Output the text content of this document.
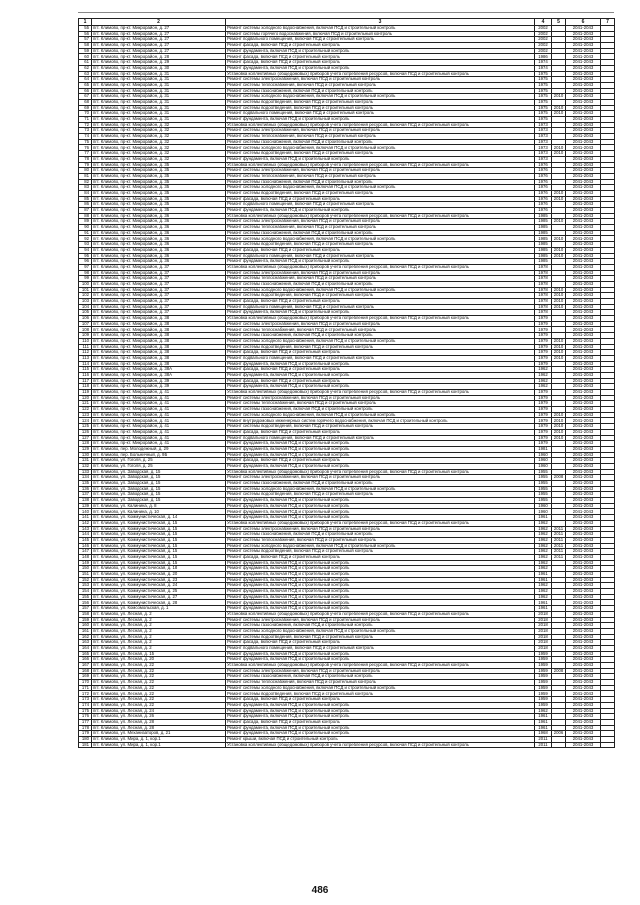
1	2	3	4	5	6	7
55	пгт. Климово, пр-кт. Микрорайон, д. 27	Ремонт системы холодного водоснабжения, включая ПСД и строительный контроль	2002		2041-2043	
56	пгт. Климово, пр-кт. Микрорайон, д. 27	Ремонт системы горячего водоснабжения, включая ПСД и строительный контроль	2002		2041-2043	
57	пгт. Климово, пр-кт. Микрорайон, д. 27	Ремонт подвального помещения, включая ПСД и строительный контроль	2002		2041-2043	
58	пгт. Климово, пр-кт. Микрорайон, д. 27	Ремонт фасада, включая ПСД и строительный контроль	2002		2041-2043	
59	пгт. Климово, пр-кт. Микрорайон, д. 27	Ремонт фундамента, включая ПСД и строительный контроль	2002		2041-2043	
60	пгт. Климово, пр-кт. Микрорайон, д. 28	Ремонт фасада, включая ПСД и строительный контроль	1986		2041-2043	
61	пгт. Климово, пр-кт. Микрорайон, д. 29	Ремонт фасада, включая ПСД и строительный контроль	1974		2041-2043	
62	пгт. Климово, пр-кт. Микрорайон, д. 30	Ремонт фундамента, включая ПСД и строительный контроль	1974		2041-2043	
63	пгт. Климово, пр-кт. Микрорайон, д. 31	Установка коллективных (общедомовых) приборов учета потребления ресурсов, включая ПСД и строительный контроль	1975		2041-2043	
64	пгт. Климово, пр-кт. Микрорайон, д. 31	Ремонт системы электроснабжения, включая ПСД и строительный контроль	1975		2041-2043	
65	пгт. Климово, пр-кт. Микрорайон, д. 31	Ремонт системы теплоснабжения, включая ПСД и строительный контроль	1975		2041-2043	
66	пгт. Климово, пр-кт. Микрорайон, д. 31	Ремонт системы газоснабжения, включая ПСД и строительный контроль	1975		2041-2043	
67	пгт. Климово, пр-кт. Микрорайон, д. 31	Ремонт системы холодного водоснабжения, включая ПСД и строительный контроль	1975	2010	2041-2043	
68	пгт. Климово, пр-кт. Микрорайон, д. 31	Ремонт системы водоотведения, включая ПСД и строительный контроль	1975		2041-2043	
69	пгт. Климово, пр-кт. Микрорайон, д. 31	Ремонт системы водоотведения, включая ПСД и строительный контроль	1975	2010	2041-2043	
70	пгт. Климово, пр-кт. Микрорайон, д. 31	Ремонт подвального помещения, включая ПСД и строительный контроль	1975	2010	2041-2043	
71	пгт. Климово, пр-кт. Микрорайон, д. 31	Ремонт фундамента, включая ПСД и строительный контроль	1975		2041-2043	
72	пгт. Климово, пр-кт. Микрорайон, д. 32	Установка коллективных (общедомовых) приборов учета потребления ресурсов, включая ПСД и строительный контроль	1973		2041-2043	
73	пгт. Климово, пр-кт. Микрорайон, д. 32	Ремонт системы электроснабжения, включая ПСД и строительный контроль	1973		2041-2043	
74	пгт. Климово, пр-кт. Микрорайон, д. 32	Ремонт системы теплоснабжения, включая ПСД и строительный контроль	1973		2041-2043	
75	пгт. Климово, пр-кт. Микрорайон, д. 32	Ремонт системы газоснабжения, включая ПСД и строительный контроль	1973		2041-2043	
76	пгт. Климово, пр-кт. Микрорайон, д. 32	Ремонт системы холодного водоснабжения, включая ПСД и строительный контроль	1973	2010	2041-2043	
77	пгт. Климово, пр-кт. Микрорайон, д. 32	Ремонт системы водоотведения, включая ПСД и строительный контроль	1973	2010	2041-2043	
78	пгт. Климово, пр-кт. Микрорайон, д. 32	Ремонт фундамента, включая ПСД и строительный контроль	1973		2041-2043	
79	пгт. Климово, пр-кт. Микрорайон, д. 35	Установка коллективных (общедомовых) приборов учета потребления ресурсов, включая ПСД и строительный контроль	1976		2041-2043	
80	пгт. Климово, пр-кт. Микрорайон, д. 35	Ремонт системы электроснабжения, включая ПСД и строительный контроль	1976		2041-2043	
81	пгт. Климово, пр-кт. Микрорайон, д. 35	Ремонт системы теплоснабжения, включая ПСД и строительный контроль	1976		2041-2043	
82	пгт. Климово, пр-кт. Микрорайон, д. 35	Ремонт системы газоснабжения, включая ПСД и строительный контроль	1976		2041-2043	
83	пгт. Климово, пр-кт. Микрорайон, д. 35	Ремонт системы холодного водоснабжения, включая ПСД и строительный контроль	1976		2041-2043	
84	пгт. Климово, пр-кт. Микрорайон, д. 35	Ремонт системы водоотведения, включая ПСД и строительный контроль	1976	2010	2041-2043	
85	пгт. Климово, пр-кт. Микрорайон, д. 35	Ремонт фасада, включая ПСД и строительный контроль	1976	2010	2041-2043	
86	пгт. Климово, пр-кт. Микрорайон, д. 35	Ремонт подвального помещения, включая ПСД и строительный контроль	1976		2041-2043	
87	пгт. Климово, пр-кт. Микрорайон, д. 35	Ремонт фундамента, включая ПСД и строительный контроль	1976		2041-2043	
88	пгт. Климово, пр-кт. Микрорайон, д. 36	Установка коллективных (общедомовых) приборов учета потребления ресурсов, включая ПСД и строительный контроль	1985		2041-2043	
89	пгт. Климово, пр-кт. Микрорайон, д. 36	Ремонт системы электроснабжения, включая ПСД и строительный контроль	1985	2010	2041-2043	
90	пгт. Климово, пр-кт. Микрорайон, д. 36	Ремонт системы теплоснабжения, включая ПСД и строительный контроль	1985		2041-2043	
91	пгт. Климово, пр-кт. Микрорайон, д. 36	Ремонт системы газоснабжения, включая ПСД и строительный контроль	1985		2041-2043	
92	пгт. Климово, пр-кт. Микрорайон, д. 36	Ремонт системы холодного водоснабжения, включая ПСД и строительный контроль	1985	2010	2041-2043	
93	пгт. Климово, пр-кт. Микрорайон, д. 36	Ремонт системы водоотведения, включая ПСД и строительный контроль	1985		2041-2043	
94	пгт. Климово, пр-кт. Микрорайон, д. 36	Ремонт фасада, включая ПСД и строительный контроль	1985	2010	2041-2043	
95	пгт. Климово, пр-кт. Микрорайон, д. 36	Ремонт подвального помещения, включая ПСД и строительный контроль	1985	2010	2041-2043	
96	пгт. Климово, пр-кт. Микрорайон, д. 36	Ремонт фундамента, включая ПСД и строительный контроль	1985		2041-2043	
97	пгт. Климово, пр-кт. Микрорайон, д. 37	Установка коллективных (общедомовых) приборов учета потребления ресурсов, включая ПСД и строительный контроль	1978		2041-2043	
98	пгт. Климово, пр-кт. Микрорайон, д. 37	Ремонт системы электроснабжения, включая ПСД и строительный контроль	1978		2041-2043	
99	пгт. Климово, пр-кт. Микрорайон, д. 37	Ремонт системы теплоснабжения, включая ПСД и строительный контроль	1978		2041-2043	
100	пгт. Климово, пр-кт. Микрорайон, д. 37	Ремонт системы газоснабжения, включая ПСД и строительный контроль	1978		2041-2043	
101	пгт. Климово, пр-кт. Микрорайон, д. 37	Ремонт системы холодного водоснабжения, включая ПСД и строительный контроль	1978	2010	2041-2043	
102	пгт. Климово, пр-кт. Микрорайон, д. 37	Ремонт системы водоотведения, включая ПСД и строительный контроль	1978	2010	2041-2043	
103	пгт. Климово, пр-кт. Микрорайон, д. 37	Ремонт фасада, включая ПСД и строительный контроль	1978	2010	2041-2043	
104	пгт. Климово, пр-кт. Микрорайон, д. 37	Ремонт подвального помещения, включая ПСД и строительный контроль	1978	2010	2041-2043	
105	пгт. Климово, пр-кт. Микрорайон, д. 37	Ремонт фундамента, включая ПСД и строительный контроль	1978		2041-2043	
106	пгт. Климово, пр-кт. Микрорайон, д. 38	Установка коллективных (общедомовых) приборов учета потребления ресурсов, включая ПСД и строительный контроль	1979		2041-2043	
107	пгт. Климово, пр-кт. Микрорайон, д. 38	Ремонт системы электроснабжения, включая ПСД и строительный контроль	1979		2041-2043	
108	пгт. Климово, пр-кт. Микрорайон, д. 38	Ремонт системы теплоснабжения, включая ПСД и строительный контроль	1979		2041-2043	
109	пгт. Климово, пр-кт. Микрорайон, д. 38	Ремонт системы газоснабжения, включая ПСД и строительный контроль	1979		2041-2043	
110	пгт. Климово, пр-кт. Микрорайон, д. 38	Ремонт системы холодного водоснабжения, включая ПСД и строительный контроль	1979	2010	2041-2043	
111	пгт. Климово, пр-кт. Микрорайон, д. 38	Ремонт системы водоотведения, включая ПСД и строительный контроль	1979	2010	2041-2043	
112	пгт. Климово, пр-кт. Микрорайон, д. 38	Ремонт фасада, включая ПСД и строительный контроль	1979	2010	2041-2043	
113	пгт. Климово, пр-кт. Микрорайон, д. 38	Ремонт подвального помещения, включая ПСД и строительный контроль	1979	2010	2041-2043	
114	пгт. Климово, пр-кт. Микрорайон, д. 38	Ремонт фундамента, включая ПСД и строительный контроль	1979		2041-2043	
115	пгт. Климово, пр-кт. Микрорайон, д. 38А	Ремонт фасада, включая ПСД и строительный контроль	1962		2041-2043	
116	пгт. Климово, пр-кт. Микрорайон, д. 38А	Ремонт фундамента, включая ПСД и строительный контроль	1962		2041-2043	
117	пгт. Климово, пр-кт. Микрорайон, д. 39	Ремонт фасада, включая ПСД и строительный контроль	1962		2041-2043	
118	пгт. Климово, пр-кт. Микрорайон, д. 39	Ремонт фундамента, включая ПСД и строительный контроль	1962		2041-2043	
119	пгт. Климово, пр-кт. Микрорайон, д. 41	Установка коллективных (общедомовых) приборов учета потребления ресурсов, включая ПСД и строительный контроль	1979		2041-2043	
120	пгт. Климово, пр-кт. Микрорайон, д. 41	Ремонт системы электроснабжения, включая ПСД и строительный контроль	1979		2041-2043	
121	пгт. Климово, пр-кт. Микрорайон, д. 41	Ремонт системы теплоснабжения, включая ПСД и строительный контроль	1979		2041-2043	
122	пгт. Климово, пр-кт. Микрорайон, д. 41	Ремонт системы газоснабжения, включая ПСД и строительный контроль	1979		2041-2043	
123	пгт. Климово, пр-кт. Микрорайон, д. 41	Ремонт системы холодного водоснабжения, включая ПСД и строительный контроль	1979	2010	2041-2043	
124	пгт. Климово, пр-кт. Микрорайон, д. 41	Ремонт внутридомовых инженерных систем горячего водоснабжения, включая ПСД и строительный контроль	1979	2010	2041-2043	
125	пгт. Климово, пр-кт. Микрорайон, д. 41	Ремонт системы водоотведения, включая ПСД и строительный контроль	1979	2010	2041-2043	
126	пгт. Климово, пр-кт. Микрорайон, д. 41	Ремонт фасада, включая ПСД и строительный контроль	1979	2010	2041-2043	
127	пгт. Климово, пр-кт. Микрорайон, д. 41	Ремонт подвального помещения, включая ПСД и строительный контроль	1979	2010	2041-2043	
128	пгт. Климово, пр-кт. Микрорайон, д. 41	Ремонт фундамента, включая ПСД и строительный контроль	1979		2041-2043	
129	пгт. Климово, пер. Молодежный, д. 29	Ремонт фундамента, включая ПСД и строительный контроль	1981		2041-2043	
130	пгт. Климово, пер. Больничный, д. 9Б	Ремонт фундамента, включая ПСД и строительный контроль	1960		2041-2043	
131	пгт. Климово, ул. Гоголя, д. 25	Ремонт фасада, включая ПСД и строительный контроль	1960		2041-2043	
132	пгт. Климово, ул. Гоголя, д. 25	Ремонт фундамента, включая ПСД и строительный контроль	1960		2041-2043	
133	пгт. Климово, ул. Заводская, д. 15	Установка коллективных (общедомовых) приборов учета потребления ресурсов, включая ПСД и строительный контроль	1955		2041-2043	
134	пгт. Климово, ул. Заводская, д. 15	Ремонт системы электроснабжения, включая ПСД и строительный контроль	1955	2008	2041-2043	
135	пгт. Климово, ул. Заводская, д. 15	Ремонт системы газоснабжения, включая ПСД и строительный контроль	1955		2041-2043	
136	пгт. Климово, ул. Заводская, д. 15	Ремонт системы холодного водоснабжения, включая ПСД и строительный контроль	1955		2041-2043	
137	пгт. Климово, ул. Заводская, д. 15	Ремонт системы водоотведения, включая ПСД и строительный контроль	1955		2041-2043	
138	пгт. Климово, ул. Заводская, д. 15	Ремонт фундамента, включая ПСД и строительный контроль	1955		2041-2043	
139	пгт. Климово, ул. Калинина, д. 8	Ремонт фундамента, включая ПСД и строительный контроль	1960		2041-2043	
140	пгт. Климово, ул. Калинина, д. 10	Ремонт фундамента, включая ПСД и строительный контроль	1960		2041-2043	
141	пгт. Климово, ул. Коммунистическая, д. 14	Ремонт фундамента, включая ПСД и строительный контроль	1961		2041-2043	
142	пгт. Климово, ул. Коммунистическая, д. 15	Установка коллективных (общедомовых) приборов учета потребления ресурсов, включая ПСД и строительный контроль	1962		2041-2043	
143	пгт. Климово, ул. Коммунистическая, д. 15	Ремонт системы электроснабжения, включая ПСД и строительный контроль	1962	2011	2041-2043	
144	пгт. Климово, ул. Коммунистическая, д. 15	Ремонт системы газоснабжения, включая ПСД и строительный контроль	1962	2011	2041-2043	
145	пгт. Климово, ул. Коммунистическая, д. 15	Ремонт системы теплоснабжения, включая ПСД и строительный контроль	1962	2011	2041-2043	
146	пгт. Климово, ул. Коммунистическая, д. 15	Ремонт системы холодного водоснабжения, включая ПСД и строительный контроль	1962	2011	2041-2043	
147	пгт. Климово, ул. Коммунистическая, д. 15	Ремонт системы водоотведения, включая ПСД и строительный контроль	1962	2011	2041-2043	
148	пгт. Климово, ул. Коммунистическая, д. 15	Ремонт фасада, включая ПСД и строительный контроль	1962	2011	2041-2043	
149	пгт. Климово, ул. Коммунистическая, д. 15	Ремонт фундамента, включая ПСД и строительный контроль	1962		2041-2043	
150	пгт. Климово, ул. Коммунистическая, д. 18	Ремонт фундамента, включая ПСД и строительный контроль	1962		2041-2043	
151	пгт. Климово, ул. Коммунистическая, д. 20	Ремонт фундамента, включая ПСД и строительный контроль	1961		2041-2043	
152	пгт. Климово, ул. Коммунистическая, д. 23	Ремонт фундамента, включая ПСД и строительный контроль	1961		2041-2043	
153	пгт. Климово, ул. Коммунистическая, д. 24	Ремонт фундамента, включая ПСД и строительный контроль	1962		2041-2043	
154	пгт. Климово, ул. Коммунистическая, д. 25	Ремонт фундамента, включая ПСД и строительный контроль	1962		2041-2043	
155	пгт. Климово, ул. Коммунистическая, д. 27	Ремонт фундамента, включая ПСД и строительный контроль	1962		2041-2043	
156	пгт. Климово, ул. Коммунистическая, д. 28	Ремонт фундамента, включая ПСД и строительный контроль	1961		2041-2043	
157	пгт. Климово, ул. Комсомольская, д. 1	Ремонт фундамента, включая ПСД и строительный контроль	1961		2041-2043	
158	пгт. Климово, ул. Лесная, д. 2	Установка коллективных (общедомовых) приборов учета потребления ресурсов, включая ПСД и строительный контроль	2018		2041-2043	
159	пгт. Климово, ул. Лесная, д. 2	Ремонт системы электроснабжения, включая ПСД и строительный контроль	2018		2041-2043	
160	пгт. Климово, ул. Лесная, д. 2	Ремонт системы газоснабжения, включая ПСД и строительный контроль	2018		2041-2043	
161	пгт. Климово, ул. Лесная, д. 2	Ремонт системы холодного водоснабжения, включая ПСД и строительный контроль	2018		2041-2043	
162	пгт. Климово, ул. Лесная, д. 2	Ремонт системы водоотведения, включая ПСД и строительный контроль	2018		2041-2043	
163	пгт. Климово, ул. Лесная, д. 2	Ремонт фасада, включая ПСД и строительный контроль	2018		2041-2043	
164	пгт. Климово, ул. Лесная, д. 2	Ремонт подвального помещения, включая ПСД и строительный контроль	2018		2041-2043	
165	пгт. Климово, ул. Лесная, д. 15	Ремонт фундамента, включая ПСД и строительный контроль	1959		2041-2043	
166	пгт. Климово, ул. Лесная, д. 20	Ремонт фундамента, включая ПСД и строительный контроль	1959		2041-2043	
167	пгт. Климово, ул. Лесная, д. 22	Установка коллективных (общедомовых) приборов учета потребления ресурсов, включая ПСД и строительный контроль	1959		2041-2043	
168	пгт. Климово, ул. Лесная, д. 22	Ремонт системы электроснабжения, включая ПСД и строительный контроль	1959	2008	2041-2043	
169	пгт. Климово, ул. Лесная, д. 22	Ремонт системы газоснабжения, включая ПСД и строительный контроль	1959		2041-2043	
170	пгт. Климово, ул. Лесная, д. 22	Ремонт системы теплоснабжения, включая ПСД и строительный контроль	1959		2041-2043	
171	пгт. Климово, ул. Лесная, д. 22	Ремонт системы холодного водоснабжения, включая ПСД и строительный контроль	1959		2041-2043	
172	пгт. Климово, ул. Лесная, д. 22	Ремонт системы водоотведения, включая ПСД и строительный контроль	1959		2041-2043	
173	пгт. Климово, ул. Лесная, д. 22	Ремонт фасада, включая ПСД и строительный контроль	1959		2041-2043	
174	пгт. Климово, ул. Лесная, д. 22	Ремонт фундамента, включая ПСД и строительный контроль	1959		2041-2043	
175	пгт. Климово, ул. Лесная, д. 24	Ремонт фундамента, включая ПСД и строительный контроль	1962		2041-2043	
176	пгт. Климово, ул. Лесная, д. 26	Ремонт фундамента, включая ПСД и строительный контроль	1961		2041-2043	
177	пгт. Климово, ул. Лесная, д. 28	Ремонт фасада, включая ПСД и строительный контроль	1961		2041-2043	
178	пгт. Климово, ул. Лесная, д. 28	Ремонт фундамента, включая ПСД и строительный контроль	1961		2041-2043	
179	пгт. Климово, ул. Механизаторов, д. 21	Ремонт фундамента, включая ПСД и строительный контроль	1968	2006	2041-2043	
180	пгт. Климово, ул. Мира, д. 1, кор.1	Ремонт крыши, включая ПСД и строительный контроль	2011		2041-2043	
181	пгт. Климово, ул. Мира, д. 1, кор.1	Установка коллективных (общедомовых) приборов учета потребления ресурсов, включая ПСД и строительный контроль	2011		2041-2043	
486
